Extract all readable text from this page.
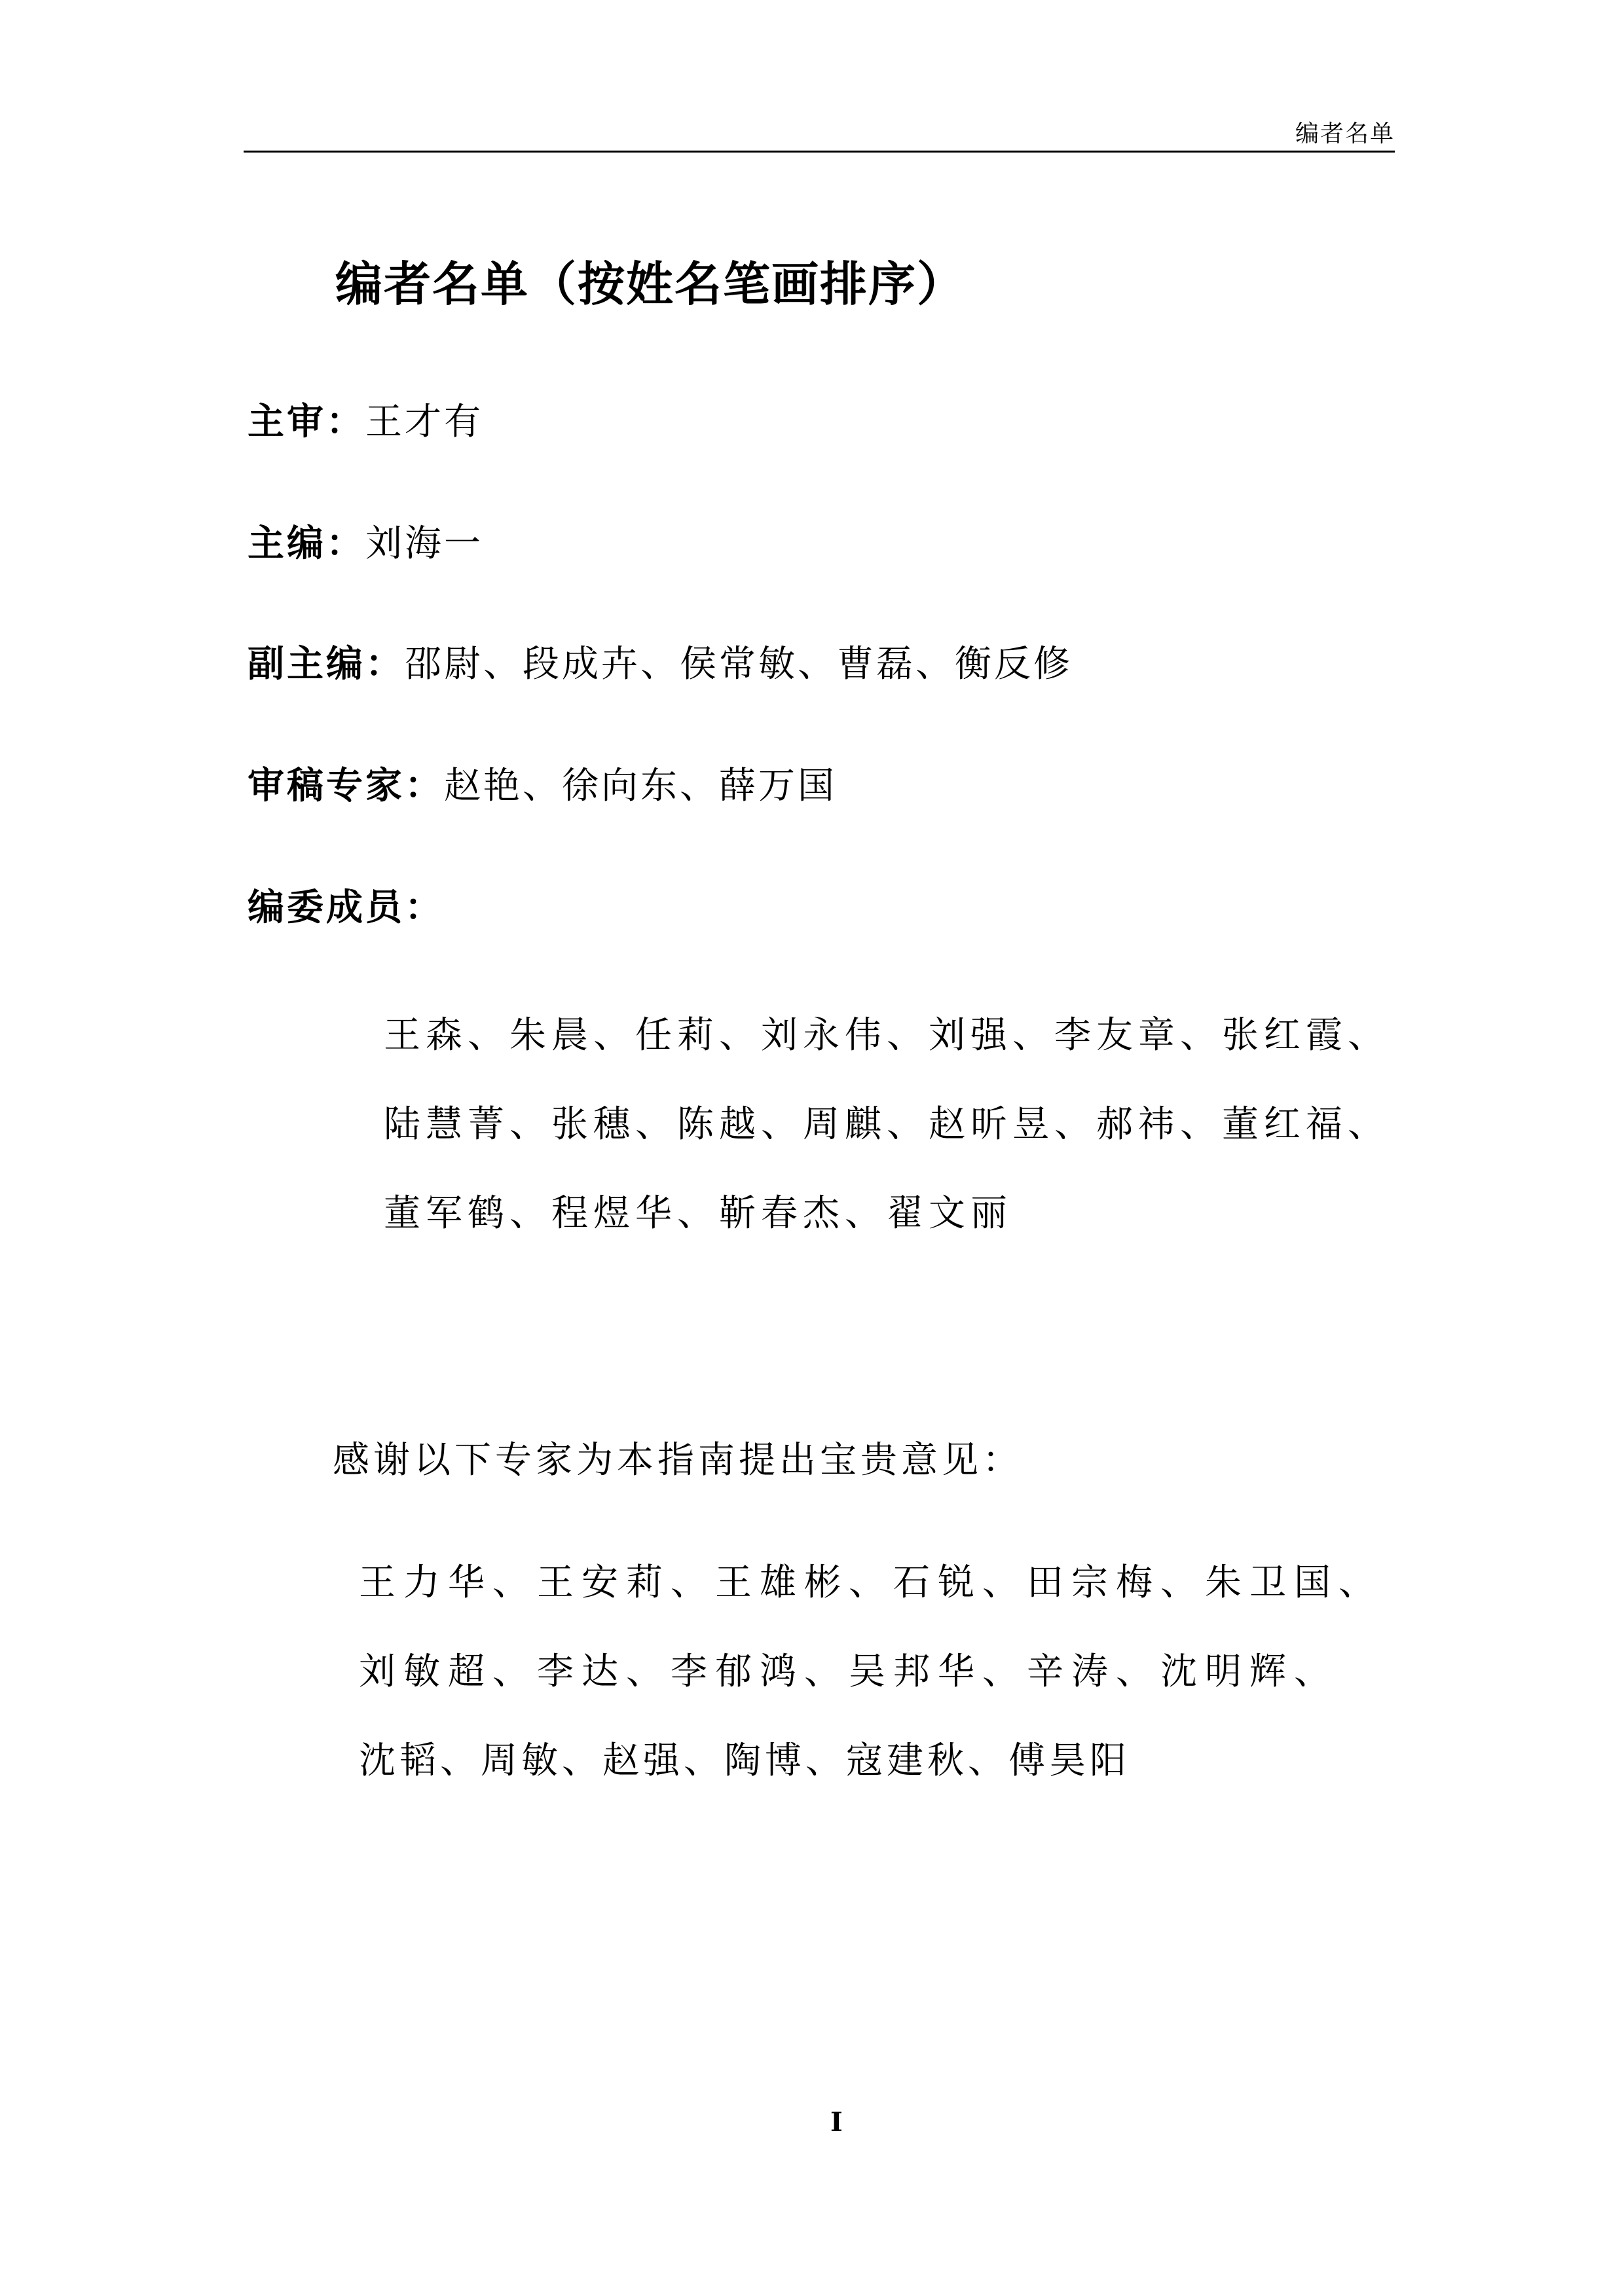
编者名单
编者名单（按姓名笔画排序）
主审：王才有
主编：刘海一
副主编：邵尉、段成卉、侯常敏、曹磊、衡反修
审稿专家：赵艳、徐向东、薛万国
编委成员：
王森、朱晨、任莉、刘永伟、刘强、李友章、张红霞、
陆慧菁、张穗、陈越、周麒、赵昕昱、郝祎、董红福、
董军鹤、程煜华、靳春杰、翟文丽
感谢以下专家为本指南提出宝贵意见：
王力华、王安莉、王雄彬、石锐、田宗梅、朱卫国、
刘敏超、李达、李郁鸿、吴邦华、辛涛、沈明辉、
沈韬、周敏、赵强、陶博、寇建秋、傅昊阳
I
